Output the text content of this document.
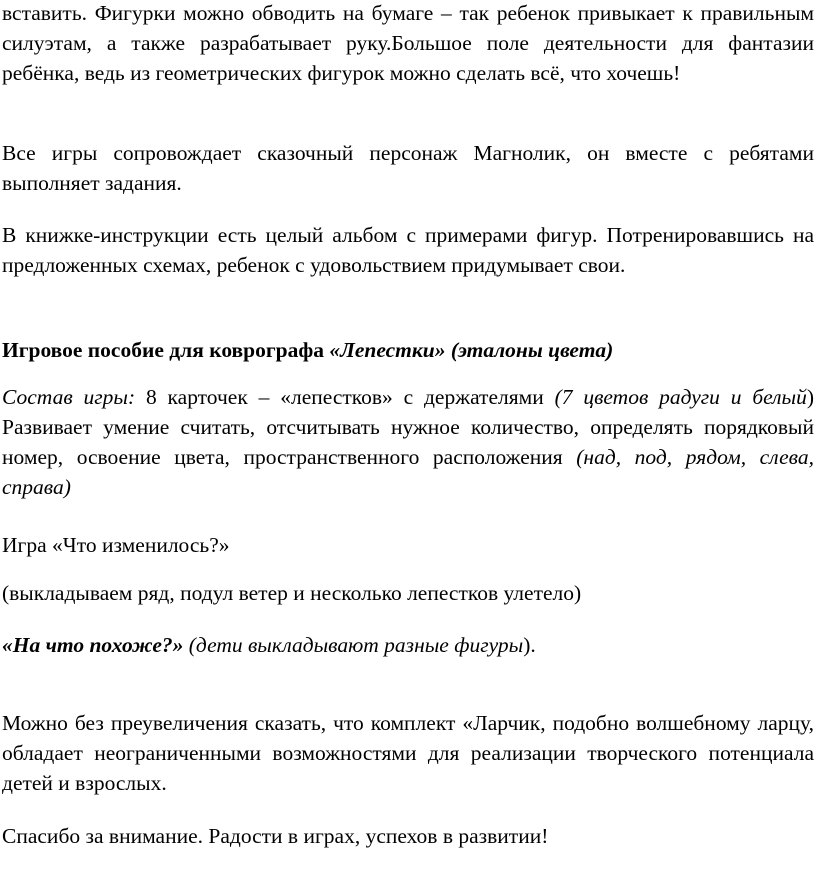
вставить. Фигурки можно обводить на бумаге – так ребенок привыкает к правильным силуэтам, а также разрабатывает руку.Большое поле деятельности для фантазии ребёнка, ведь из геометрических фигурок можно сделать всё, что хочешь!

Все игры сопровождает сказочный персонаж Магнолик, он вместе с ребятами выполняет задания.

В книжке-инструкции есть целый альбом с примерами фигур. Потренировавшись на предложенных схемах, ребенок с удовольствием придумывает свои.

Игровое пособие для коврографа «Лепестки» (эталоны цвета)

Состав игры: 8 карточек – «лепестков» с держателями (7 цветов радуги и белый) Развивает умение считать, отсчитывать нужное количество, определять порядковый номер, освоение цвета, пространственного расположения (над, под, рядом, слева, справа)

Игра «Что изменилось?»

(выкладываем ряд, подул ветер и несколько лепестков улетело)

«На что похоже?» (дети выкладывают разные фигуры).

Можно без преувеличения сказать, что комплект «Ларчик, подобно волшебному ларцу, обладает неограниченными возможностями для реализации творческого потенциала детей и взрослых.

Спасибо за внимание. Радости в играх, успехов в развитии!
